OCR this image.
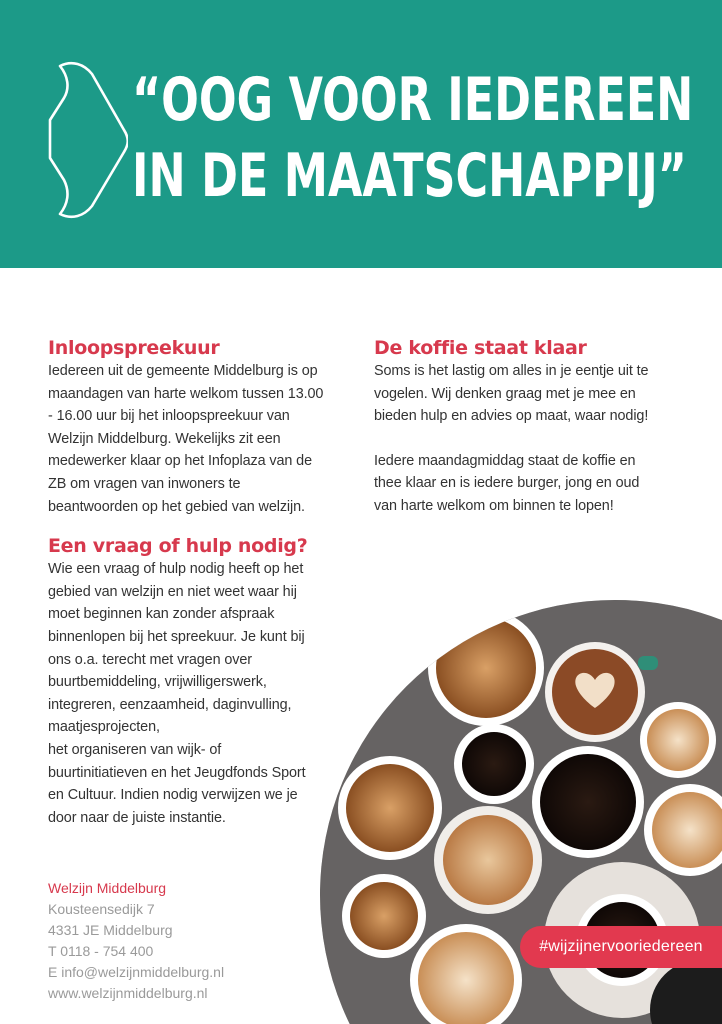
“OOG VOOR IEDEREEN
IN DE MAATSCHAPPIJ”
Inloopspreekuur

Iedereen uit de gemeente Middelburg is op
maandagen van harte welkom tussen 13.00
- 16.00 uur bij het inloopspreekuur van
Welzijn Middelburg. Wekelijks zit een
medewerker klaar op het Infoplaza van de
ZB om vragen van inwoners te
beantwoorden op het gebied van welzijn.

Een vraag of hulp nodig?

Wie een vraag of hulp nodig heeft op het
gebied van welzijn en niet weet waar hij
moet beginnen kan zonder afspraak
binnenlopen bij het spreekuur. Je kunt bij
ons o.a. terecht met vragen over
buurtbemiddeling, vrijwilligerswerk,
integreren, eenzaamheid, daginvulling,
maatjesprojecten,
het organiseren van wijk- of
buurtinitiatieven en het Jeugdfonds Sport
en Cultuur. Indien nodig verwijzen we je
door naar de juiste instantie.

De koffie staat klaar

Soms is het lastig om alles in je eentje uit te
vogelen. Wij denken graag met je mee en
bieden hulp en advies op maat, waar nodig!

Iedere maandagmiddag staat de koffie en
thee klaar en is iedere burger, jong en oud
van harte welkom om binnen te lopen!

Welzijn Middelburg
Kousteensedijk 7
4331 JE Middelburg
T 0118 - 754 400
E info@welzijnmiddelburg.nl
www.welzijnmiddelburg.nl
#wijzijnervooriedereen
